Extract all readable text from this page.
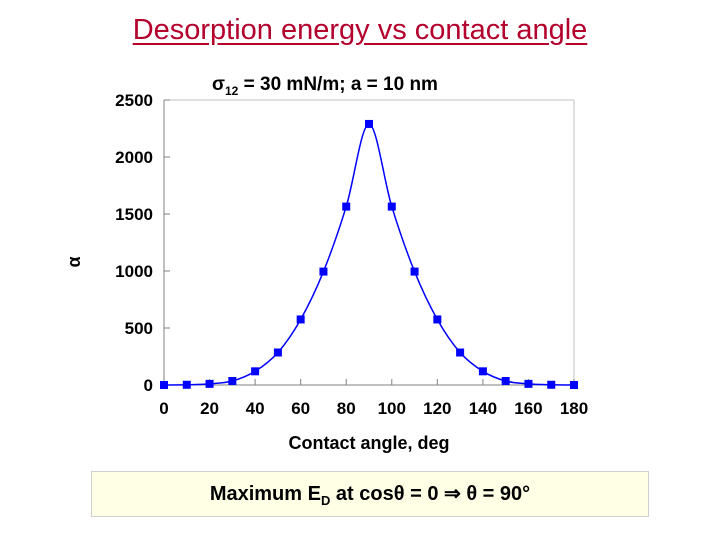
Desorption energy vs contact angle
$\sigma_{12} = 30$ mN/m; a = 10 nm
0
500
1000
1500
2000
2500
0 20 40 60 80 100 120 140 160 180
Contact angle, deg
α
Maximum $E_D$ at cosθ = 0 ⇒ θ = 90°
